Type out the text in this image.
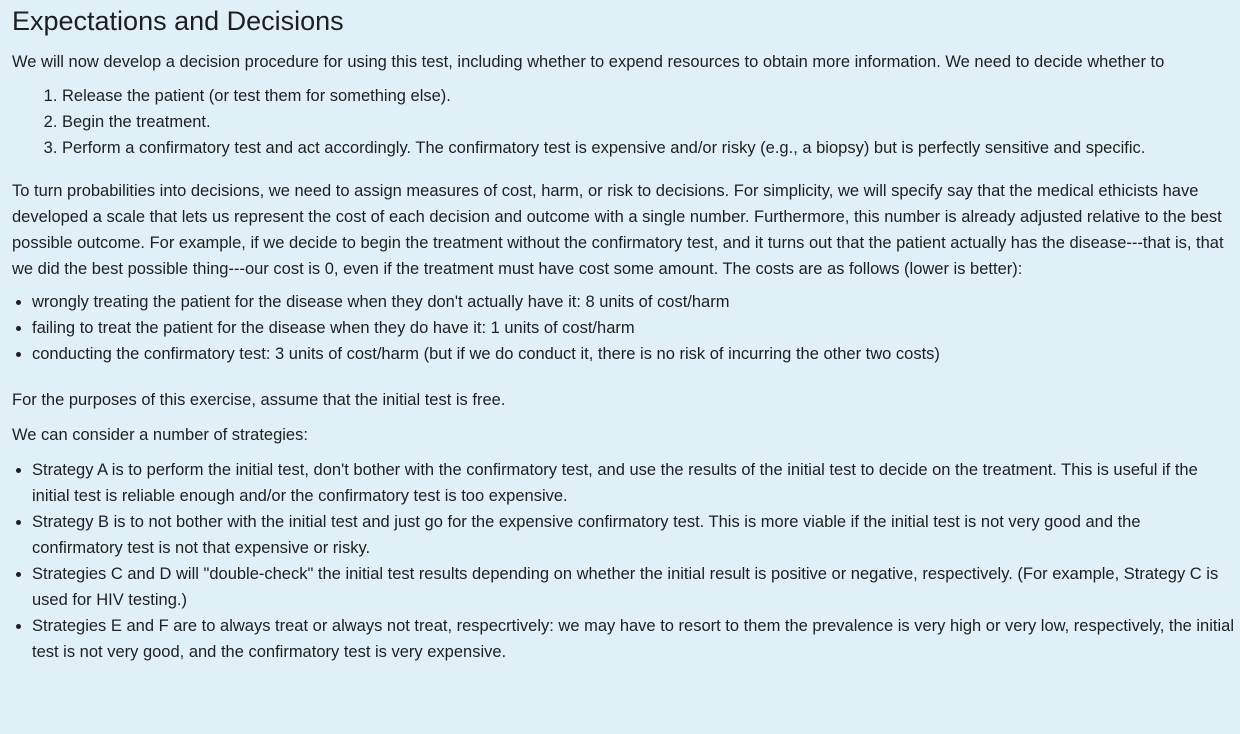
Expectations and Decisions

We will now develop a decision procedure for using this test, including whether to expend resources to obtain more information. We need to decide whether to

1. Release the patient (or test them for something else).
2. Begin the treatment.
3. Perform a confirmatory test and act accordingly. The confirmatory test is expensive and/or risky (e.g., a biopsy) but is perfectly sensitive and specific.

To turn probabilities into decisions, we need to assign measures of cost, harm, or risk to decisions. For simplicity, we will specify say that the medical ethicists have developed a scale that lets us represent the cost of each decision and outcome with a single number. Furthermore, this number is already adjusted relative to the best possible outcome. For example, if we decide to begin the treatment without the confirmatory test, and it turns out that the patient actually has the disease---that is, that we did the best possible thing---our cost is 0, even if the treatment must have cost some amount. The costs are as follows (lower is better):

• wrongly treating the patient for the disease when they don't actually have it: 8 units of cost/harm
• failing to treat the patient for the disease when they do have it: 1 units of cost/harm
• conducting the confirmatory test: 3 units of cost/harm (but if we do conduct it, there is no risk of incurring the other two costs)

For the purposes of this exercise, assume that the initial test is free.

We can consider a number of strategies:

• Strategy A is to perform the initial test, don't bother with the confirmatory test, and use the results of the initial test to decide on the treatment. This is useful if the initial test is reliable enough and/or the confirmatory test is too expensive.
• Strategy B is to not bother with the initial test and just go for the expensive confirmatory test. This is more viable if the initial test is not very good and the confirmatory test is not that expensive or risky.
• Strategies C and D will "double-check" the initial test results depending on whether the initial result is positive or negative, respectively. (For example, Strategy C is used for HIV testing.)
• Strategies E and F are to always treat or always not treat, respecrtively: we may have to resort to them the prevalence is very high or very low, respectively, the initial test is not very good, and the confirmatory test is very expensive.
